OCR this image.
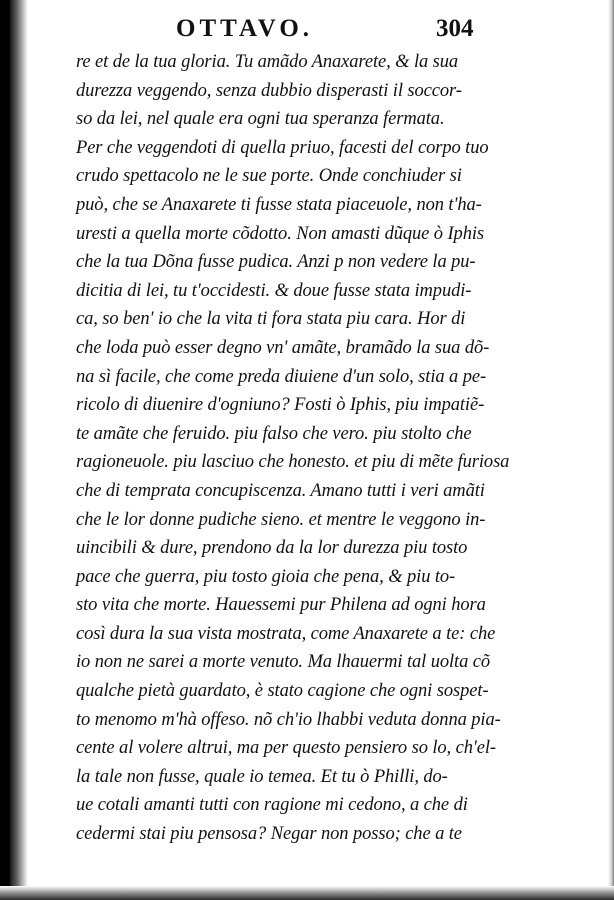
OTTAVO.	304
re et de la tua gloria. Tu amãdo Anaxarete, & la sua
durezza veggendo, senza dubbio disperasti il soccor-
so da lei, nel quale era ogni tua speranza fermata.
Per che veggendoti di quella priuo, facesti del corpo tuo
crudo spettacolo ne le sue porte. Onde conchiuder si
può, che se Anaxarete ti fusse stata piaceuole, non t'ha-
uresti a quella morte cõdotto. Non amasti dũque ò Iphis
che la tua Dõna fusse pudica. Anzi p non vedere la pu-
dicitia di lei, tu t'occidesti. & doue fusse stata impudi-
ca, so ben' io che la vita ti fora stata piu cara. Hor di
che loda può esser degno vn' amãte, bramãdo la sua dõ-
na sì facile, che come preda diuiene d'un solo, stia a pe-
ricolo di diuenire d'ogniuno? Fosti ò Iphis, piu impatiẽ-
te amãte che feruido. piu falso che vero. piu stolto che
ragioneuole. piu lasciuo che honesto. et piu di mẽte furiosa
che di temprata concupiscenza. Amano tutti i veri amãti
che le lor donne pudiche sieno. et mentre le veggono in-
uincibili & dure, prendono da la lor durezza piu tosto
pace che guerra, piu tosto gioia che pena, & piu to-
sto vita che morte. Hauessemi pur Philena ad ogni hora
così dura la sua vista mostrata, come Anaxarete a te: che
io non ne sarei a morte venuto. Ma lhauermi tal uolta cõ
qualche pietà guardato, è stato cagione che ogni sospet-
to menomo m'hà offeso. nõ ch'io lhabbi veduta donna pia-
cente al volere altrui, ma per questo pensiero so lo, ch'el-
la tale non fusse, quale io temea. Et tu ò Philli, do-
ue cotali amanti tutti con ragione mi cedono, a che di
cedermi stai piu pensosa? Negar non posso; che a te
